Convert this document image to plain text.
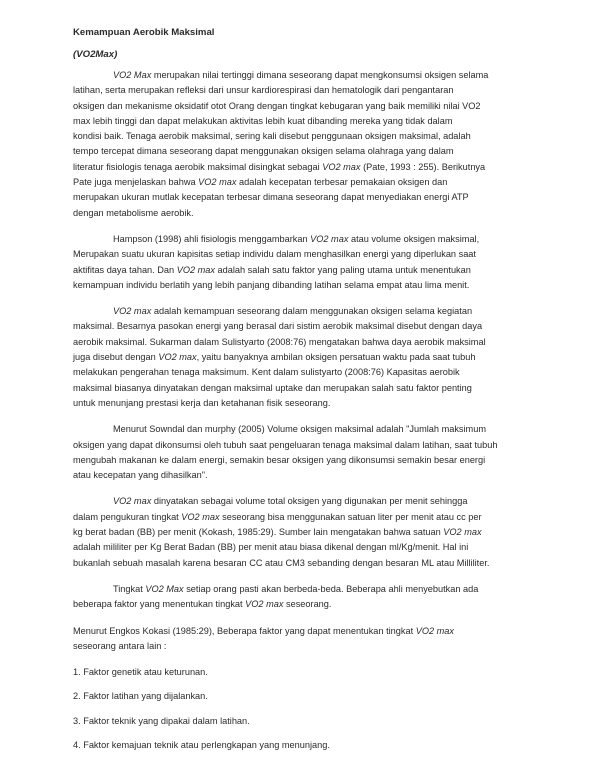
Kemampuan Aerobik Maksimal
(VO2Max)
VO2 Max merupakan nilai tertinggi dimana seseorang dapat mengkonsumsi oksigen selama
latihan, serta merupakan refleksi dari unsur kardiorespirasi dan hematologik dari pengantaran
oksigen dan mekanisme oksidatif otot Orang dengan tingkat kebugaran yang baik memiliki nilai VO2
max lebih tinggi dan dapat melakukan aktivitas lebih kuat dibanding mereka yang tidak dalam
kondisi baik. Tenaga aerobik maksimal, sering kali disebut penggunaan oksigen maksimal, adalah
tempo tercepat dimana seseorang dapat menggunakan oksigen selama olahraga yang dalam
literatur fisiologis tenaga aerobik maksimal disingkat sebagai VO2 max (Pate, 1993 : 255). Berikutnya
Pate juga menjelaskan bahwa VO2 max adalah kecepatan terbesar pemakaian oksigen dan
merupakan ukuran mutlak kecepatan terbesar dimana seseorang dapat menyediakan energi ATP
dengan metabolisme aerobik.
Hampson (1998) ahli fisiologis menggambarkan VO2 max atau volume oksigen maksimal,
Merupakan suatu ukuran kapisitas setiap individu dalam menghasilkan energi yang diperlukan saat
aktifitas daya tahan. Dan VO2 max adalah salah satu faktor yang paling utama untuk menentukan
kemampuan individu berlatih yang lebih panjang dibanding latihan selama empat atau lima menit.
VO2 max adalah kemampuan seseorang dalam menggunakan oksigen selama kegiatan
maksimal. Besarnya pasokan energi yang berasal dari sistim aerobik maksimal disebut dengan daya
aerobik maksimal. Sukarman dalam Sulistyarto (2008:76) mengatakan bahwa daya aerobik maksimal
juga disebut dengan VO2 max, yaitu banyaknya ambilan oksigen persatuan waktu pada saat tubuh
melakukan pengerahan tenaga maksimum. Kent dalam sulistyarto (2008:76) Kapasitas aerobik
maksimal biasanya dinyatakan dengan maksimal uptake dan merupakan salah satu faktor penting
untuk menunjang prestasi kerja dan ketahanan fisik seseorang.
Menurut Sowndal dan murphy (2005) Volume oksigen maksimal adalah "Jumlah maksimum
oksigen yang dapat dikonsumsi oleh tubuh saat pengeluaran tenaga maksimal dalam latihan, saat tubuh
mengubah makanan ke dalam energi, semakin besar oksigen yang dikonsumsi semakin besar energi
atau kecepatan yang dihasilkan".
VO2 max dinyatakan sebagai volume total oksigen yang digunakan per menit sehingga
dalam pengukuran tingkat VO2 max seseorang bisa menggunakan satuan liter per menit atau cc per
kg berat badan (BB) per menit (Kokash, 1985:29). Sumber lain mengatakan bahwa satuan VO2 max
adalah mililiter per Kg Berat Badan (BB) per menit atau biasa dikenal dengan ml/Kg/menit. Hal ini
bukanlah sebuah masalah karena besaran CC atau CM3 sebanding dengan besaran ML atau Milliliter.
Tingkat VO2 Max setiap orang pasti akan berbeda-beda. Beberapa ahli menyebutkan ada
beberapa faktor yang menentukan tingkat VO2 max seseorang.
Menurut Engkos Kokasi (1985:29), Beberapa faktor yang dapat menentukan tingkat VO2 max
seseorang antara lain :
1. Faktor genetik atau keturunan.
2. Faktor latihan yang dijalankan.
3. Faktor teknik yang dipakai dalam latihan.
4. Faktor kemajuan teknik atau perlengkapan yang menunjang.
